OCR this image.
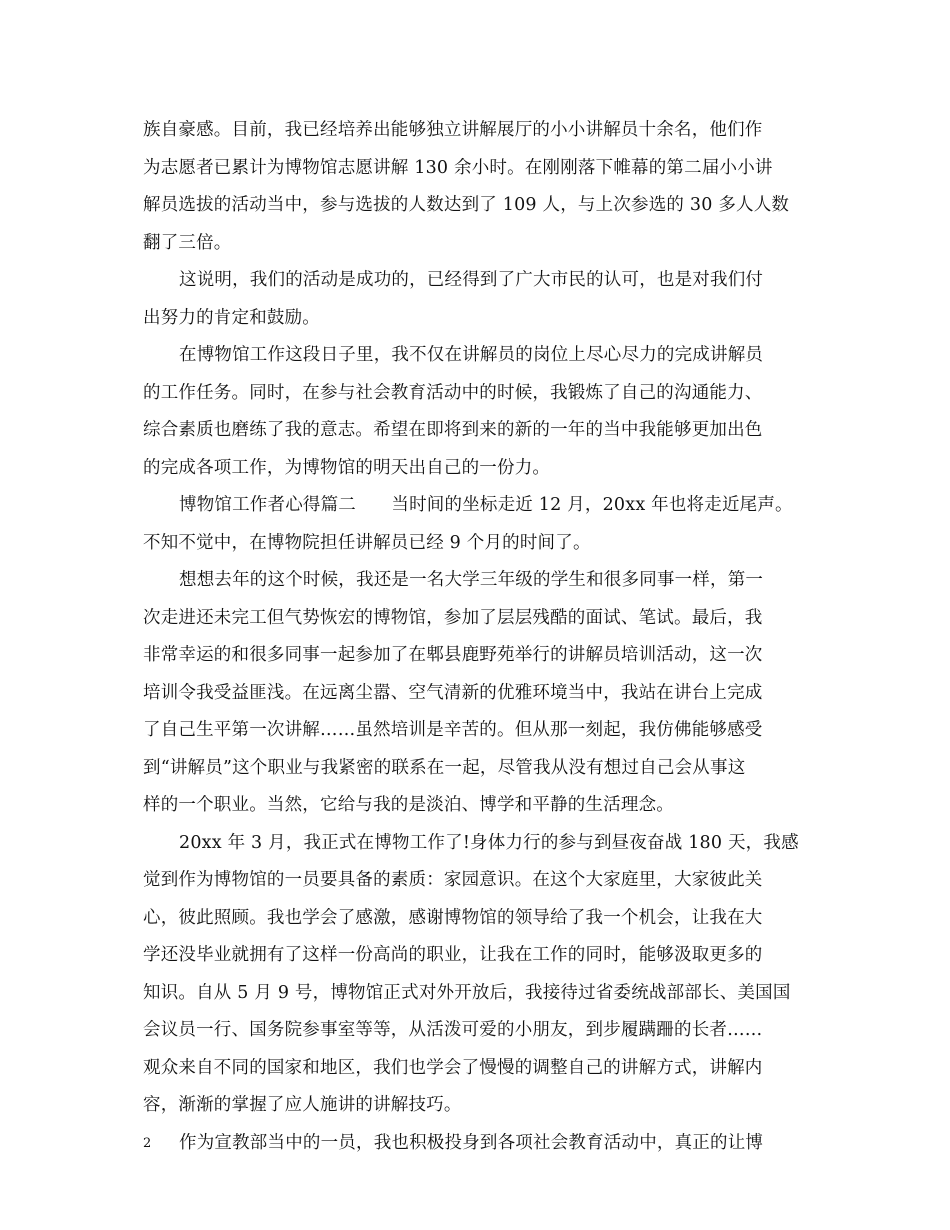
族自豪感。目前，我已经培养出能够独立讲解展厅的小小讲解员十余名，他们作
为志愿者已累计为博物馆志愿讲解 130 余小时。在刚刚落下帷幕的第二届小小讲
解员选拔的活动当中，参与选拔的人数达到了 109 人，与上次参选的 30 多人人数
翻了三倍。
这说明，我们的活动是成功的，已经得到了广大市民的认可，也是对我们付
出努力的肯定和鼓励。
在博物馆工作这段日子里，我不仅在讲解员的岗位上尽心尽力的完成讲解员
的工作任务。同时，在参与社会教育活动中的时候，我锻炼了自己的沟通能力、
综合素质也磨练了我的意志。希望在即将到来的新的一年的当中我能够更加出色
的完成各项工作，为博物馆的明天出自己的一份力。
博物馆工作者心得篇二　　当时间的坐标走近 12 月，20xx 年也将走近尾声。
不知不觉中，在博物院担任讲解员已经 9 个月的时间了。
想想去年的这个时候，我还是一名大学三年级的学生和很多同事一样，第一
次走进还未完工但气势恢宏的博物馆，参加了层层残酷的面试、笔试。最后，我
非常幸运的和很多同事一起参加了在郫县鹿野苑举行的讲解员培训活动，这一次
培训令我受益匪浅。在远离尘嚣、空气清新的优雅环境当中，我站在讲台上完成
了自己生平第一次讲解……虽然培训是辛苦的。但从那一刻起，我仿佛能够感受
到“讲解员”这个职业与我紧密的联系在一起，尽管我从没有想过自己会从事这
样的一个职业。当然，它给与我的是淡泊、博学和平静的生活理念。
20xx 年 3 月，我正式在博物工作了!身体力行的参与到昼夜奋战 180 天，我感
觉到作为博物馆的一员要具备的素质：家园意识。在这个大家庭里，大家彼此关
心，彼此照顾。我也学会了感激，感谢博物馆的领导给了我一个机会，让我在大
学还没毕业就拥有了这样一份高尚的职业，让我在工作的同时，能够汲取更多的
知识。自从 5 月 9 号，博物馆正式对外开放后，我接待过省委统战部部长、美国国
会议员一行、国务院参事室等等，从活泼可爱的小朋友，到步履蹒跚的长者……
观众来自不同的国家和地区，我们也学会了慢慢的调整自己的讲解方式，讲解内
容，渐渐的掌握了应人施讲的讲解技巧。
作为宣教部当中的一员，我也积极投身到各项社会教育活动中，真正的让博
2
